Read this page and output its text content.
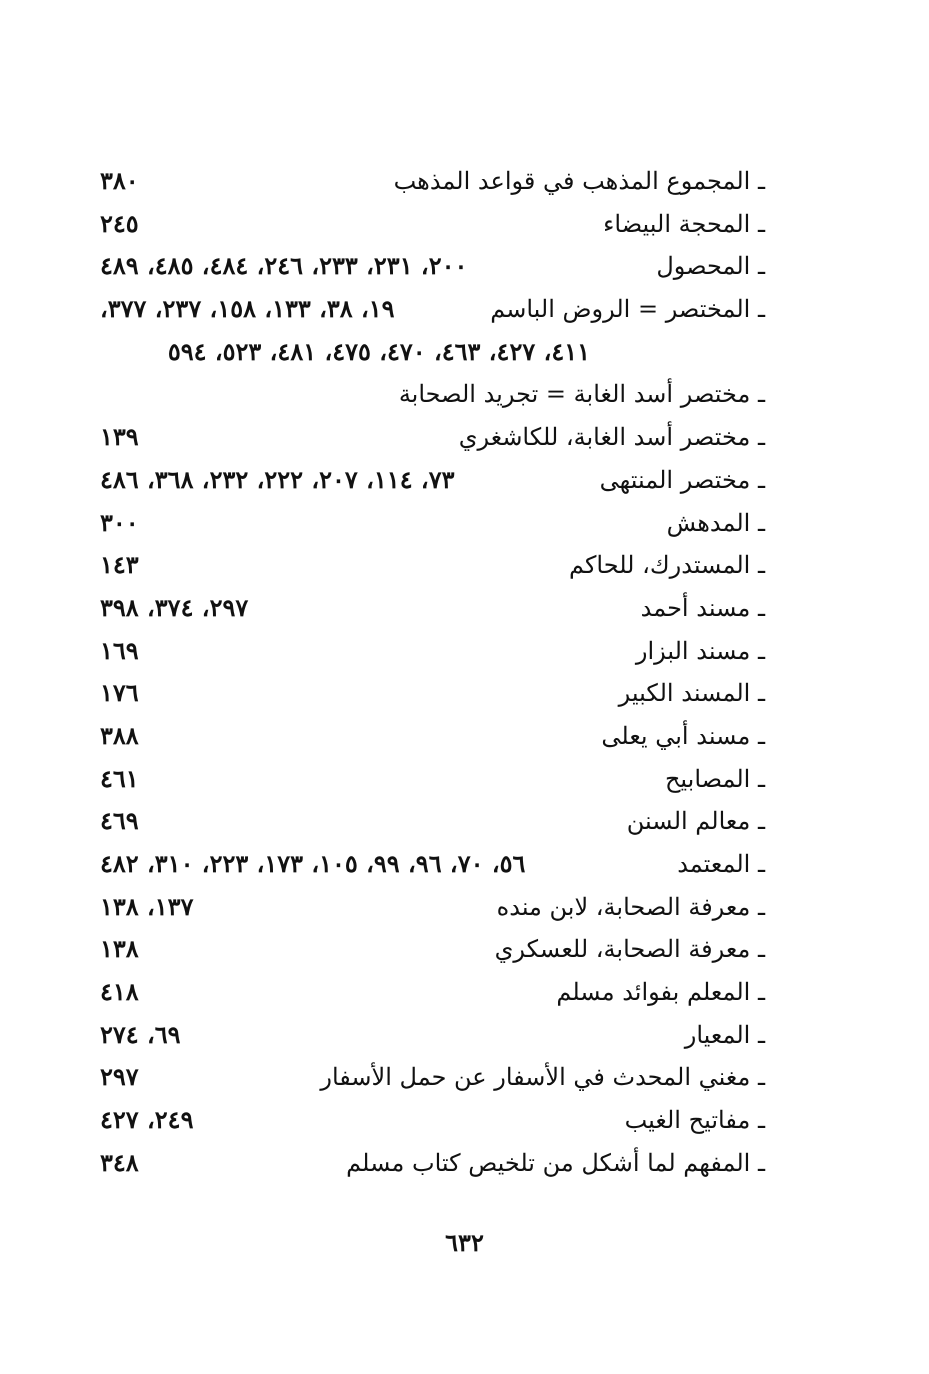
ـ المجموع المذهب في قواعد المذهب
٣٨٠
ـ المحجة البيضاء
٢٤٥
ـ المحصول
٢٠٠، ٢٣١، ٢٣٣، ٢٤٦، ٤٨٤، ٤٨٥، ٤٨٩
ـ المختصر = الروض الباسم
١٩، ٣٨، ١٣٣، ١٥٨، ٢٣٧، ٣٧٧،
٤١١، ٤٢٧، ٤٦٣، ٤٧٠، ٤٧٥، ٤٨١، ٥٢٣، ٥٩٤
ـ مختصر أسد الغابة = تجريد الصحابة
ـ مختصر أسد الغابة، للكاشغري
١٣٩
ـ مختصر المنتهى
٧٣، ١١٤، ٢٠٧، ٢٢٢، ٢٣٢، ٣٦٨، ٤٨٦
ـ المدهش
٣٠٠
ـ المستدرك، للحاكم
١٤٣
ـ مسند أحمد
٢٩٧، ٣٧٤، ٣٩٨
ـ مسند البزار
١٦٩
ـ المسند الكبير
١٧٦
ـ مسند أبي يعلى
٣٨٨
ـ المصابيح
٤٦١
ـ معالم السنن
٤٦٩
ـ المعتمد
٥٦، ٧٠، ٩٦، ٩٩، ١٠٥، ١٧٣، ٢٢٣، ٣١٠، ٤٨٢
ـ معرفة الصحابة، لابن منده
١٣٧، ١٣٨
ـ معرفة الصحابة، للعسكري
١٣٨
ـ المعلم بفوائد مسلم
٤١٨
ـ المعيار
٦٩، ٢٧٤
ـ مغني المحدث في الأسفار عن حمل الأسفار
٢٩٧
ـ مفاتيح الغيب
٢٤٩، ٤٢٧
ـ المفهم لما أشكل من تلخيص كتاب مسلم
٣٤٨
٦٣٢
